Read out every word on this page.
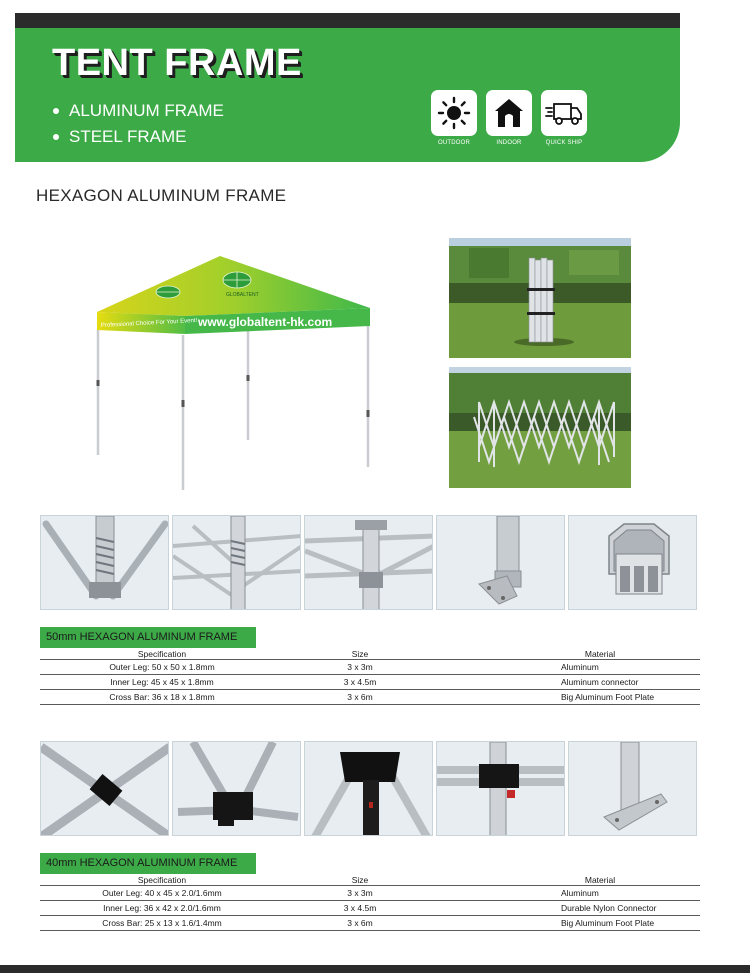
TENT FRAME
ALUMINUM FRAME
STEEL FRAME	OUTDOOR	INDOOR	QUICK SHIP
HEXAGON ALUMINUM FRAME
Professional Choice For Your Event! www.globaltent-hk.com
GLOBALTENT
50mm HEXAGON ALUMINUM FRAME
Specification	Size	Material
Outer Leg: 50 x 50 x 1.8mm	3 x 3m	Aluminum
Inner Leg: 45 x 45 x 1.8mm	3 x 4.5m	Aluminum connector
Cross Bar: 36 x 18 x 1.8mm	3 x 6m	Big Aluminum Foot Plate
40mm HEXAGON ALUMINUM FRAME
Specification	Size	Material
Outer Leg: 40 x 45 x 2.0/1.6mm	3 x 3m	Aluminum
Inner Leg: 36 x 42 x 2.0/1.6mm	3 x 4.5m	Durable Nylon Connector
Cross Bar: 25 x 13 x 1.6/1.4mm	3 x 6m	Big Aluminum Foot Plate
